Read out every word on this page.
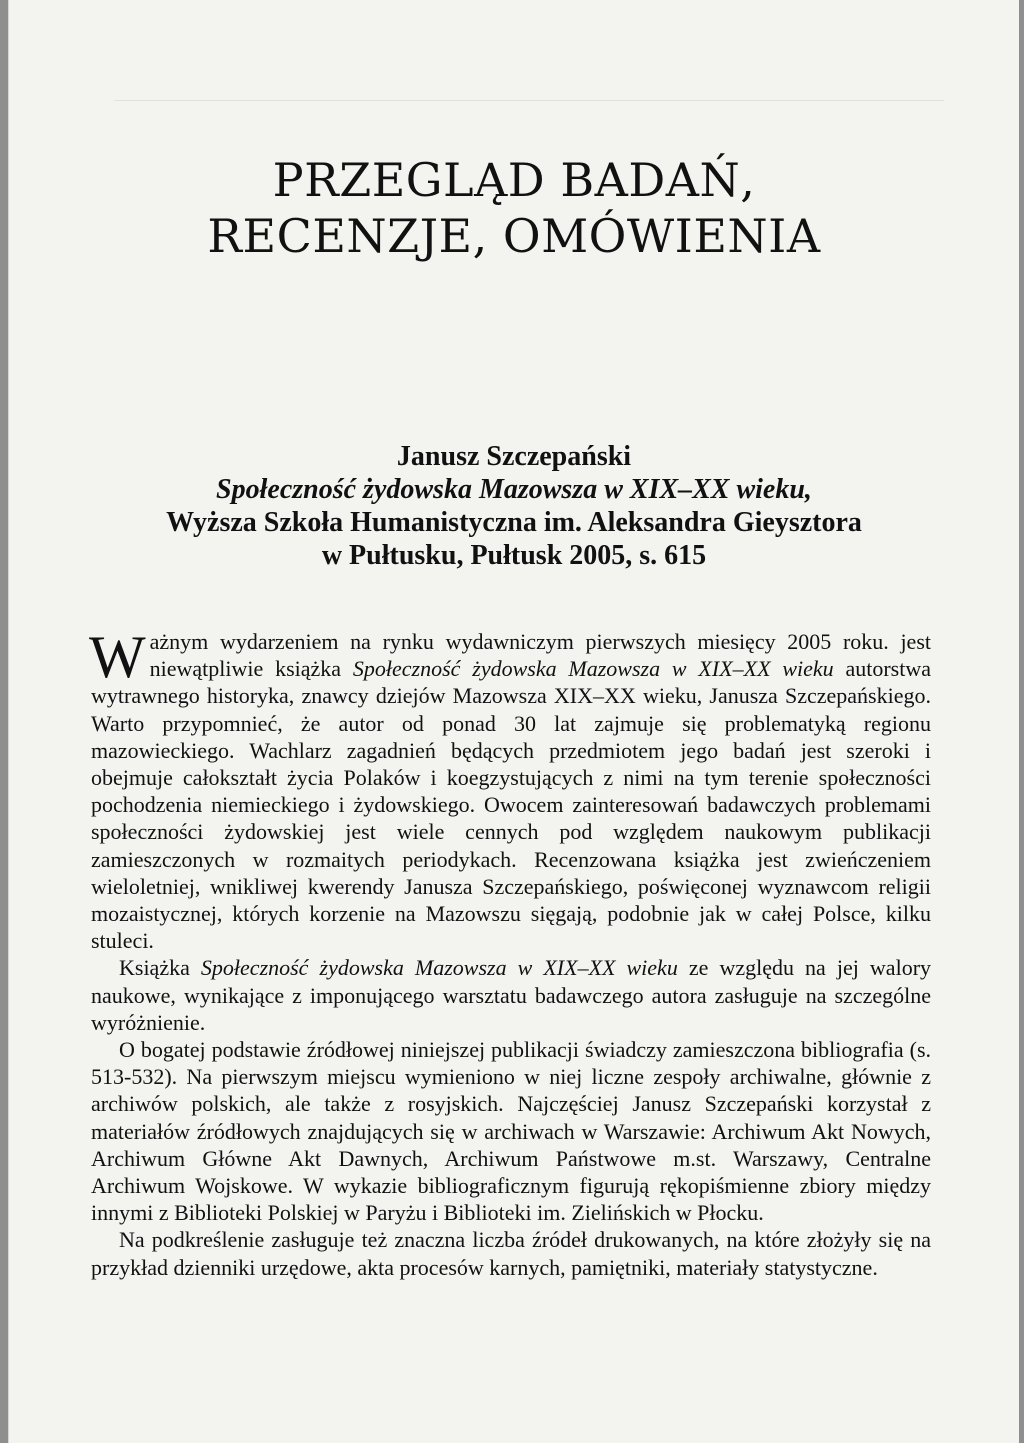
PRZEGLĄD BADAŃ,
RECENZJE, OMÓWIENIA
Janusz Szczepański
Społeczność żydowska Mazowsza w XIX–XX wieku,
Wyższa Szkoła Humanistyczna im. Aleksandra Gieysztora
w Pułtusku, Pułtusk 2005, s. 615

Ważnym wydarzeniem na rynku wydawniczym pierwszych miesięcy 2005 roku. jest niewątpliwie książka Społeczność żydowska Mazowsza w XIX–XX wieku autorstwa wytrawnego historyka, znawcy dziejów Mazowsza XIX–XX wieku, Janusza Szczepańskiego. Warto przypomnieć, że autor od ponad 30 lat zajmuje się problematyką regionu mazowieckiego. Wachlarz zagadnień będących przedmiotem jego badań jest szeroki i obejmuje całokształt życia Polaków i koegzystujących z nimi na tym terenie społeczności pochodzenia niemieckiego i żydowskiego. Owocem zainteresowań badawczych problemami społeczności żydowskiej jest wiele cennych pod względem naukowym publikacji zamieszczonych w rozmaitych periodykach. Recenzowana książka jest zwieńczeniem wieloletniej, wnikliwej kwerendy Janusza Szczepańskiego, poświęconej wyznawcom religii mozaistycznej, których korzenie na Mazowszu sięgają, podobnie jak w całej Polsce, kilku stuleci.

Książka Społeczność żydowska Mazowsza w XIX–XX wieku ze względu na jej walory naukowe, wynikające z imponującego warsztatu badawczego autora zasługuje na szczególne wyróżnienie.

O bogatej podstawie źródłowej niniejszej publikacji świadczy zamieszczona bibliografia (s. 513-532). Na pierwszym miejscu wymieniono w niej liczne zespoły archiwalne, głównie z archiwów polskich, ale także z rosyjskich. Najczęściej Janusz Szczepański korzystał z materiałów źródłowych znajdujących się w archiwach w Warszawie: Archiwum Akt Nowych, Archiwum Główne Akt Dawnych, Archiwum Państwowe m.st. Warszawy, Centralne Archiwum Wojskowe. W wykazie bibliograficznym figurują rękopiśmienne zbiory między innymi z Biblioteki Polskiej w Paryżu i Biblioteki im. Zielińskich w Płocku.

Na podkreślenie zasługuje też znaczna liczba źródeł drukowanych, na które złożyły się na przykład dzienniki urzędowe, akta procesów karnych, pamiętniki, materiały statystyczne.
